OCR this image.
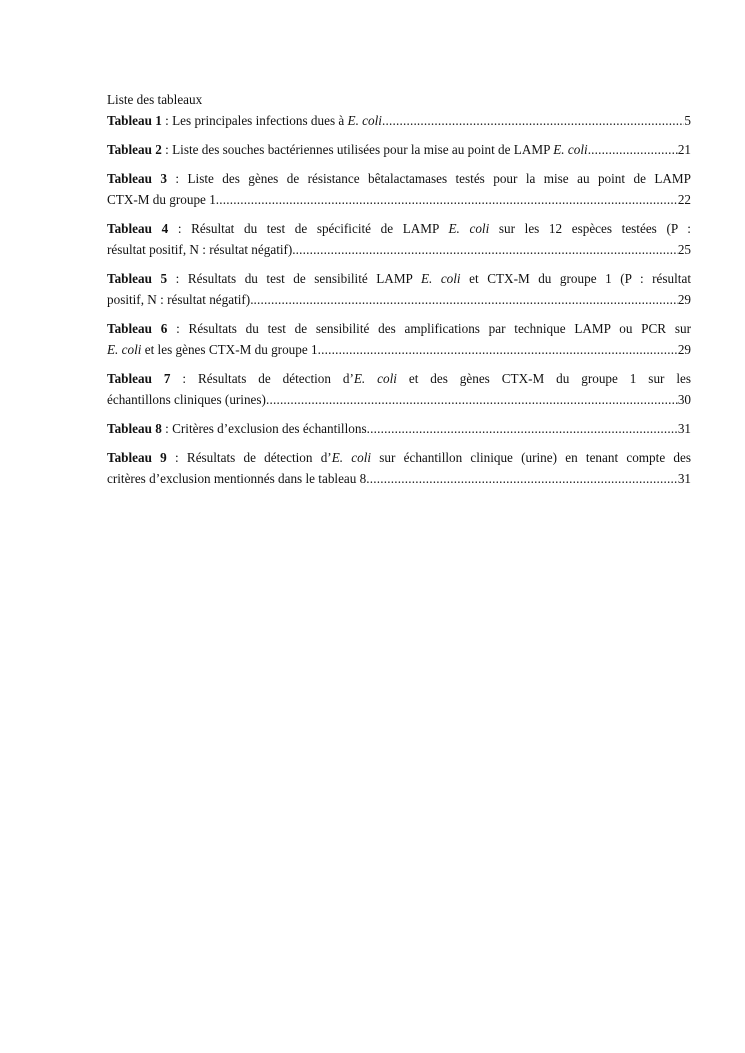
Liste des tableaux
Tableau 1 : Les principales infections dues à E. coli .....	5
Tableau 2 : Liste des souches bactériennes utilisées pour la mise au point de LAMP E. coli .....	21
Tableau 3 : Liste des gènes de résistance bêtalactamases testés pour la mise au point de LAMP
CTX-M du groupe 1 .....	22
Tableau 4 : Résultat du test de spécificité de LAMP E. coli sur les 12 espèces testées (P :
résultat positif, N : résultat négatif). .....	25
Tableau 5 : Résultats du test de sensibilité LAMP E. coli et CTX-M du groupe 1 (P : résultat
positif, N : résultat négatif). .....	29
Tableau 6 : Résultats du test de sensibilité des amplifications par technique LAMP ou PCR sur
E. coli et les gènes CTX-M du groupe 1 .....	29
Tableau 7 : Résultats de détection d’E. coli et des gènes CTX-M du groupe 1 sur les
échantillons cliniques (urines) .....	30
Tableau 8 : Critères d’exclusion des échantillons .....	31
Tableau 9 : Résultats de détection d’E. coli sur échantillon clinique (urine) en tenant compte des
critères d’exclusion mentionnés dans le tableau 8 .....	31
